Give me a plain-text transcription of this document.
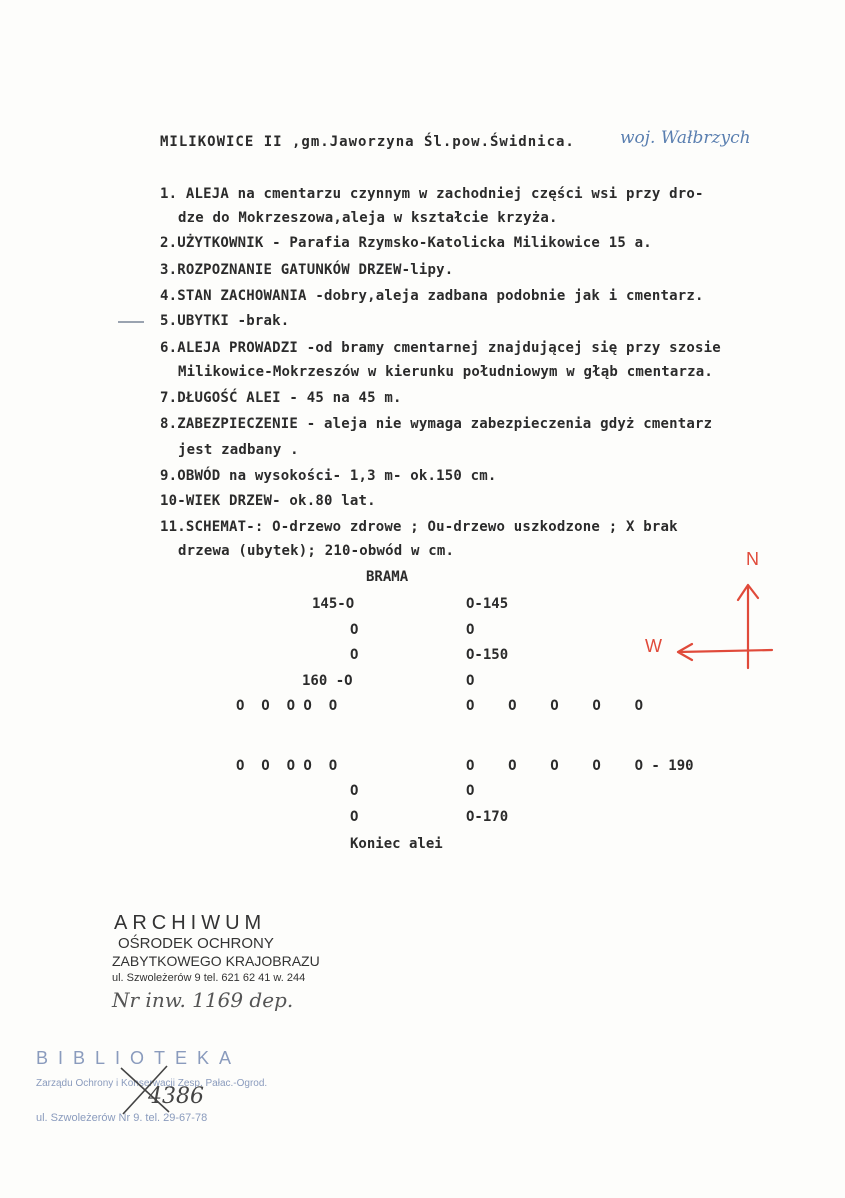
MILIKOWICE II ,gm.Jaworzyna Śl.pow.Świdnica.	woj. Wałbrzych
1. ALEJA na cmentarzu czynnym w zachodniej części wsi przy dro-
dze do Mokrzeszowa,aleja w kształcie krzyża.
2.UŻYTKOWNIK - Parafia Rzymsko-Katolicka Milikowice 15 a.
3.ROZPOZNANIE GATUNKÓW DRZEW-lipy.
4.STAN ZACHOWANIA -dobry,aleja zadbana podobnie jak i cmentarz.
5.UBYTKI -brak.
6.ALEJA PROWADZI -od bramy cmentarnej znajdującej się przy szosie
Milikowice-Mokrzeszów w kierunku południowym w głąb cmentarza.
7.DŁUGOŚĆ ALEI - 45 na 45 m.
8.ZABEZPIECZENIE - aleja nie wymaga zabezpieczenia gdyż cmentarz
jest zadbany .
9.OBWÓD na wysokości- 1,3 m- ok.150 cm.
10-WIEK DRZEW- ok.80 lat.
11.SCHEMAT-: O-drzewo zdrowe ; Ou-drzewo uszkodzone ; X brak
drzewa (ubytek); 210-obwód w cm.
BRAMA
145-O	O-145
O	O
O	O-150
160 -O	O
O  O  O O  O	O    O    O    O    O
O  O  O O  O	O    O    O    O    O - 190
O	O
O	O-170
Koniec alei
N
W
ARCHIWUM
OŚRODEK OCHRONY
ZABYTKOWEGO KRAJOBRAZU
ul. Szwoleżerów 9 tel. 621 62 41 w. 244
Nr inw. 1169 dep.
BIBLIOTEKA
Zarządu Ochrony i Konserwacji Zesp. Pałac.-Ogrod.
ul. Szwoleżerów Nr 9. tel. 29-67-78
4386
